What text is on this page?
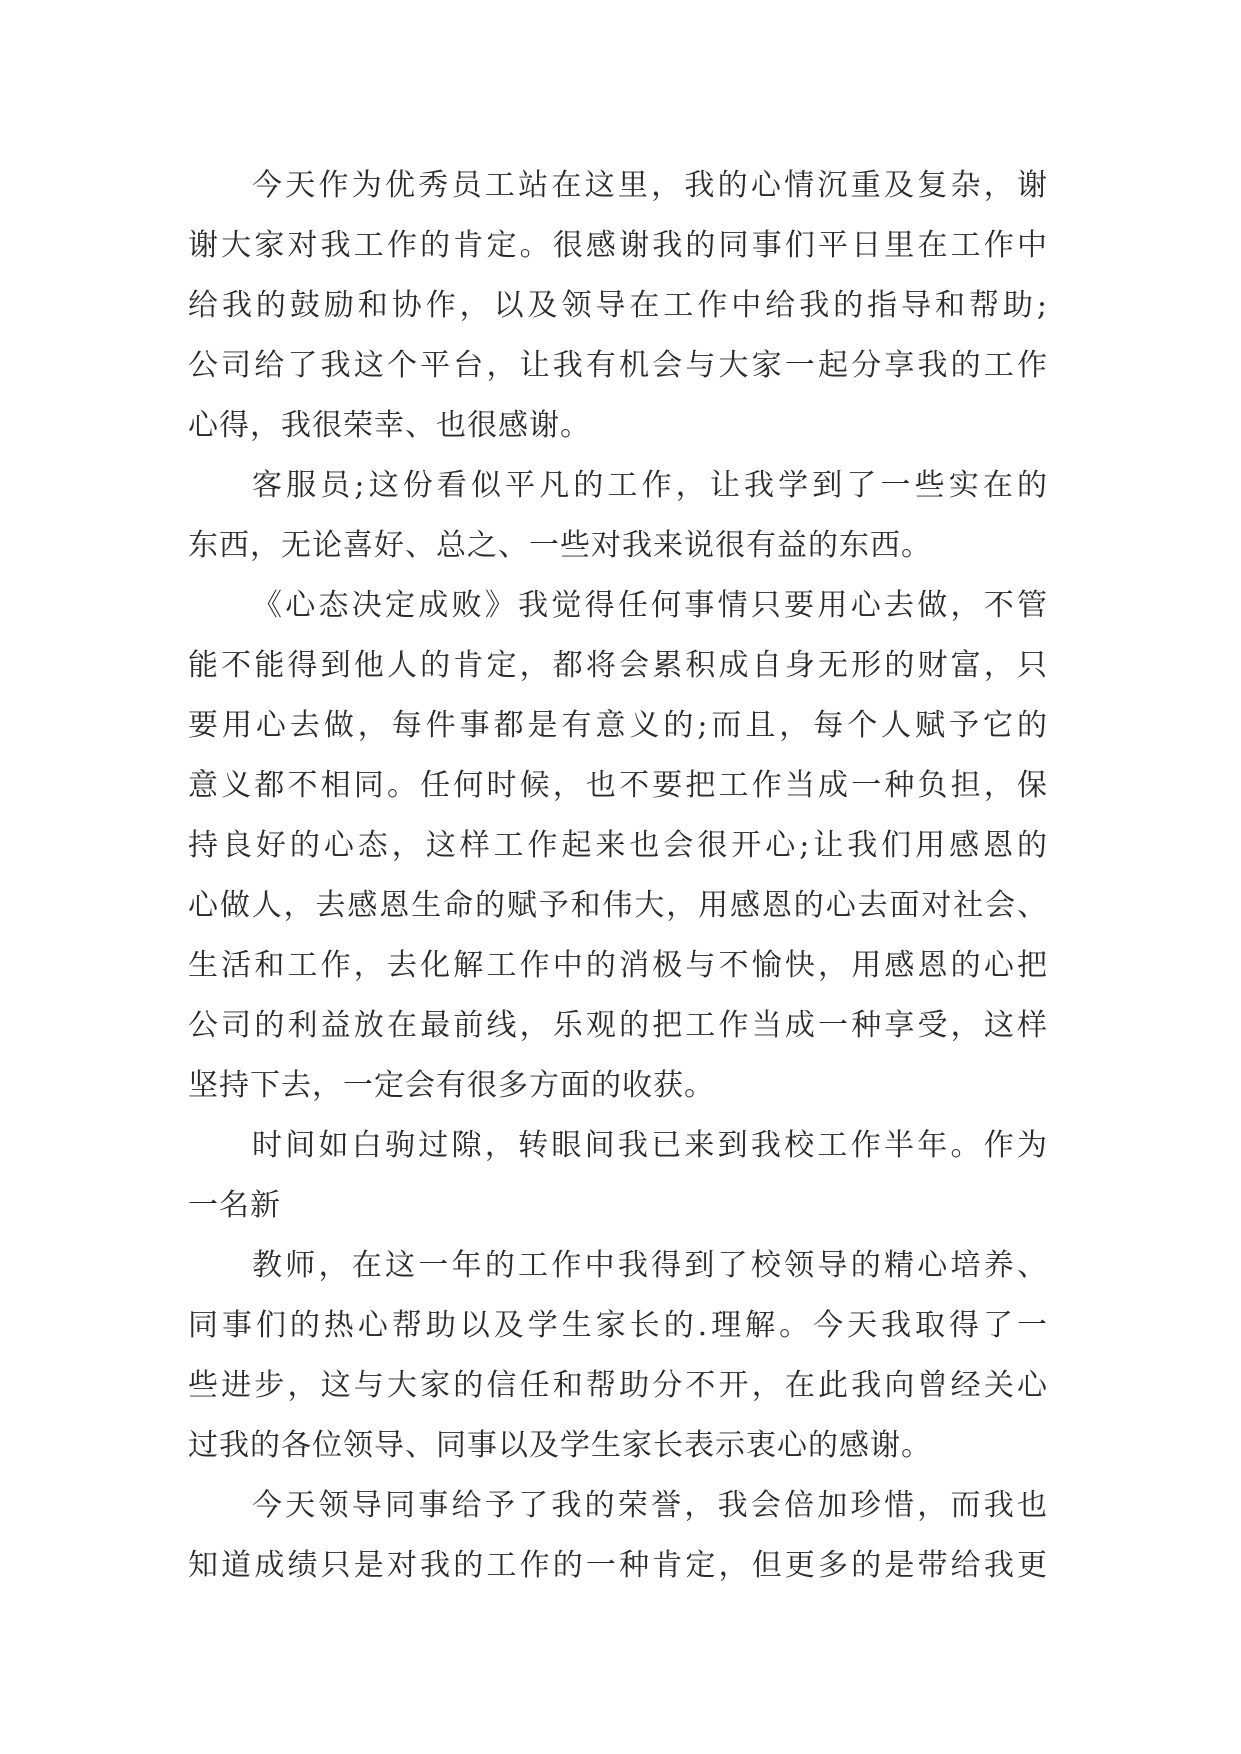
今天作为优秀员工站在这里，我的心情沉重及复杂，谢
谢大家对我工作的肯定。很感谢我的同事们平日里在工作中
给我的鼓励和协作，以及领导在工作中给我的指导和帮助;
公司给了我这个平台，让我有机会与大家一起分享我的工作
心得，我很荣幸、也很感谢。
客服员;这份看似平凡的工作，让我学到了一些实在的
东西，无论喜好、总之、一些对我来说很有益的东西。
《心态决定成败》我觉得任何事情只要用心去做，不管
能不能得到他人的肯定，都将会累积成自身无形的财富，只
要用心去做，每件事都是有意义的;而且，每个人赋予它的
意义都不相同。任何时候，也不要把工作当成一种负担，保
持良好的心态，这样工作起来也会很开心;让我们用感恩的
心做人，去感恩生命的赋予和伟大，用感恩的心去面对社会、
生活和工作，去化解工作中的消极与不愉快，用感恩的心把
公司的利益放在最前线，乐观的把工作当成一种享受，这样
坚持下去，一定会有很多方面的收获。
时间如白驹过隙，转眼间我已来到我校工作半年。作为
一名新
教师，在这一年的工作中我得到了校领导的精心培养、
同事们的热心帮助以及学生家长的.理解。今天我取得了一
些进步，这与大家的信任和帮助分不开，在此我向曾经关心
过我的各位领导、同事以及学生家长表示衷心的感谢。
今天领导同事给予了我的荣誉，我会倍加珍惜，而我也
知道成绩只是对我的工作的一种肯定，但更多的是带给我更
